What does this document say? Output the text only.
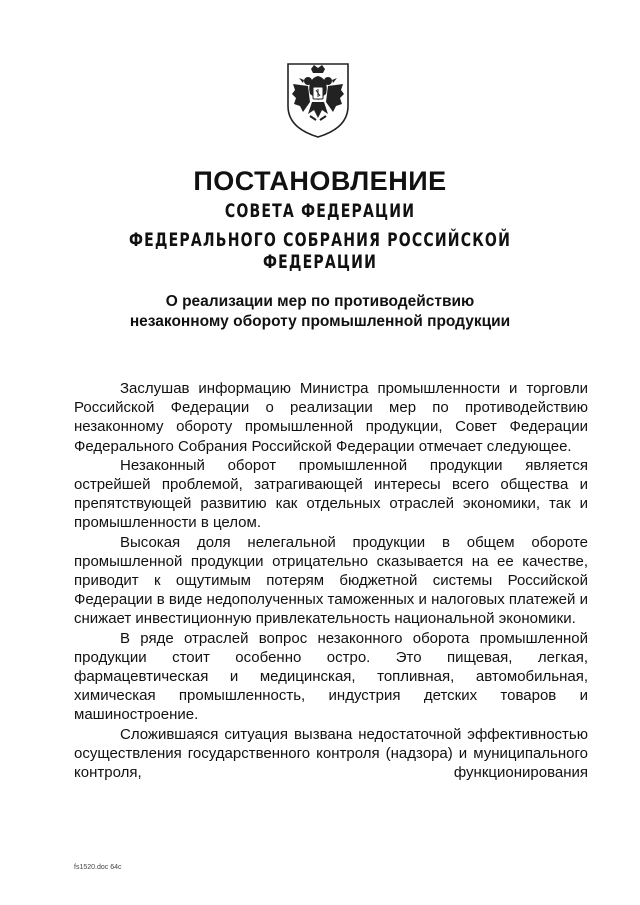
ПОСТАНОВЛЕНИЕ
СОВЕТА ФЕДЕРАЦИИ
ФЕДЕРАЛЬНОГО СОБРАНИЯ РОССИЙСКОЙ ФЕДЕРАЦИИ
О реализации мер по противодействию
незаконному обороту промышленной продукции

Заслушав информацию Министра промышленности и торговли Российской Федерации о реализации мер по противодействию незаконному обороту промышленной продукции, Совет Федерации Федерального Собрания Российской Федерации отмечает следующее.

Незаконный оборот промышленной продукции является острейшей проблемой, затрагивающей интересы всего общества и препятствующей развитию как отдельных отраслей экономики, так и промышленности в целом.

Высокая доля нелегальной продукции в общем обороте промышленной продукции отрицательно сказывается на ее качестве, приводит к ощутимым потерям бюджетной системы Российской Федерации в виде недополученных таможенных и налоговых платежей и снижает инвестиционную привлекательность национальной экономики.

В ряде отраслей вопрос незаконного оборота промышленной продукции стоит особенно остро. Это пищевая, легкая, фармацевтическая и медицинская, топливная, автомобильная, химическая промышленность, индустрия детских товаров и машиностроение.

Сложившаяся ситуация вызвана недостаточной эффективностью осуществления государственного контроля (надзора) и муниципального контроля, функционирования

fs1520.doc 64c
